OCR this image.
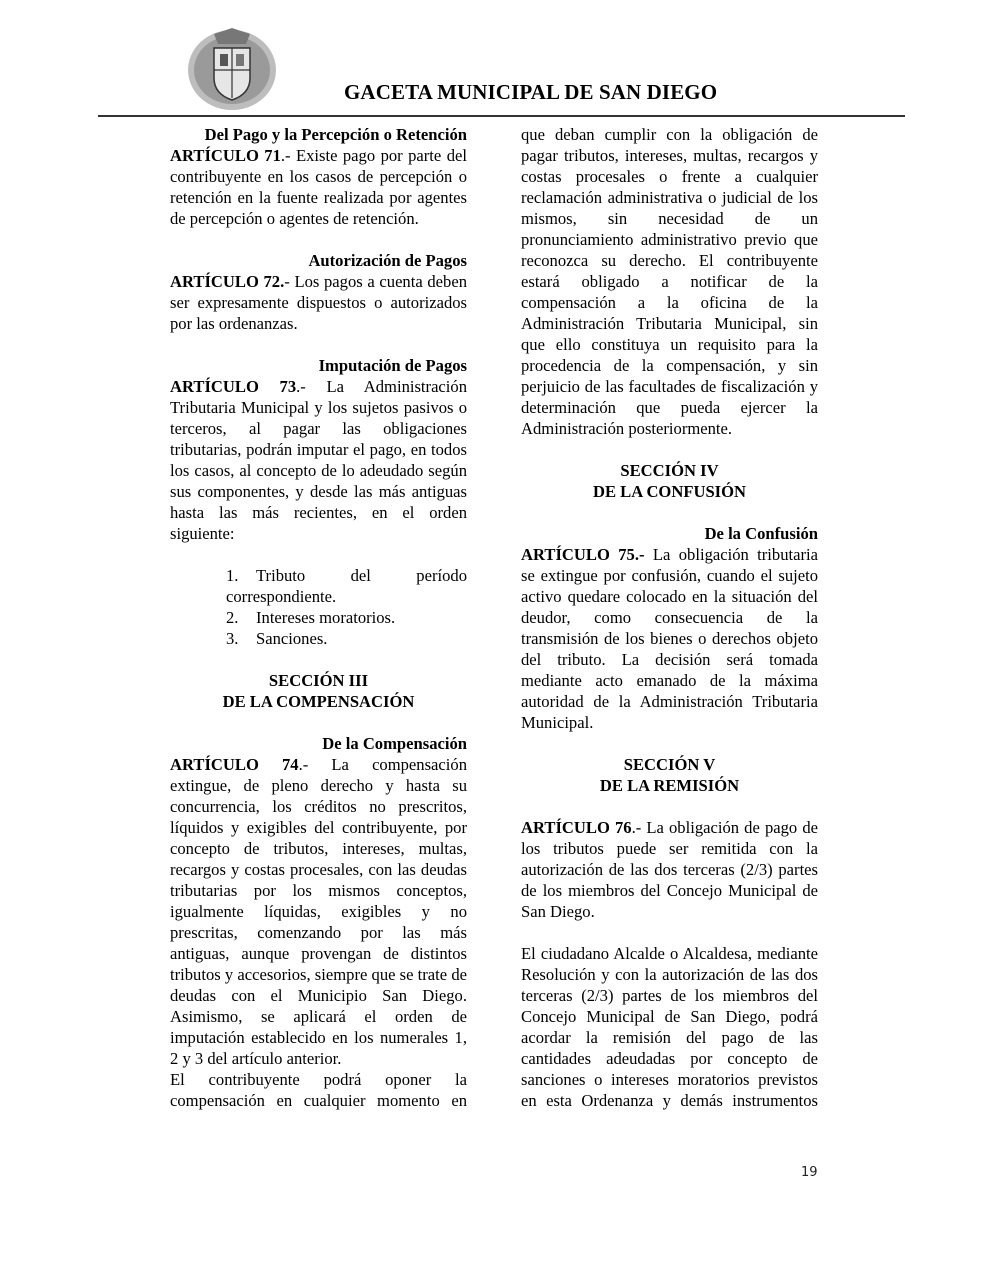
GACETA MUNICIPAL DE SAN DIEGO
Del Pago y la Percepción o Retención

ARTÍCULO 71.- Existe pago por parte del contribuyente en los casos de percepción o retención en la fuente realizada por agentes de percepción o agentes de retención.

Autorización de Pagos

ARTÍCULO 72.- Los pagos a cuenta deben ser expresamente dispuestos o autorizados por las ordenanzas.

Imputación de Pagos

ARTÍCULO 73.- La Administración Tributaria Municipal y los sujetos pasivos o terceros, al pagar las obligaciones tributarias, podrán imputar el pago, en todos los casos, al concepto de lo adeudado según sus componentes, y desde las más antiguas hasta las más recientes, en el orden siguiente:

1. Tributo del período correspondiente.
2. Intereses moratorios.
3. Sanciones.
SECCIÓN III
DE LA COMPENSACIÓN
De la Compensación

ARTÍCULO 74.- La compensación extingue, de pleno derecho y hasta su concurrencia, los créditos no prescritos, líquidos y exigibles del contribuyente, por concepto de tributos, intereses, multas, recargos y costas procesales, con las deudas tributarias por los mismos conceptos, igualmente líquidas, exigibles y no prescritas, comenzando por las más antiguas, aunque provengan de distintos tributos y accesorios, siempre que se trate de deudas con el Municipio San Diego. Asimismo, se aplicará el orden de imputación establecido en los numerales 1, 2 y 3 del artículo anterior.

El contribuyente podrá oponer la compensación en cualquier momento en

que deban cumplir con la obligación de pagar tributos, intereses, multas, recargos y costas procesales o frente a cualquier reclamación administrativa o judicial de los mismos, sin necesidad de un pronunciamiento administrativo previo que reconozca su derecho. El contribuyente estará obligado a notificar de la compensación a la oficina de la Administración Tributaria Municipal, sin que ello constituya un requisito para la procedencia de la compensación, y sin perjuicio de las facultades de fiscalización y determinación que pueda ejercer la Administración posteriormente.

SECCIÓN IV
DE LA CONFUSIÓN
De la Confusión

ARTÍCULO 75.- La obligación tributaria se extingue por confusión, cuando el sujeto activo quedare colocado en la situación del deudor, como consecuencia de la transmisión de los bienes o derechos objeto del tributo. La decisión será tomada mediante acto emanado de la máxima autoridad de la Administración Tributaria Municipal.

SECCIÓN V
DE LA REMISIÓN

ARTÍCULO 76.- La obligación de pago de los tributos puede ser remitida con la autorización de las dos terceras (2/3) partes de los miembros del Concejo Municipal de San Diego.

El ciudadano Alcalde o Alcaldesa, mediante Resolución y con la autorización de las dos terceras (2/3) partes de los miembros del Concejo Municipal de San Diego, podrá acordar la remisión del pago de las cantidades adeudadas por concepto de sanciones o intereses moratorios previstos en esta Ordenanza y demás instrumentos

19
